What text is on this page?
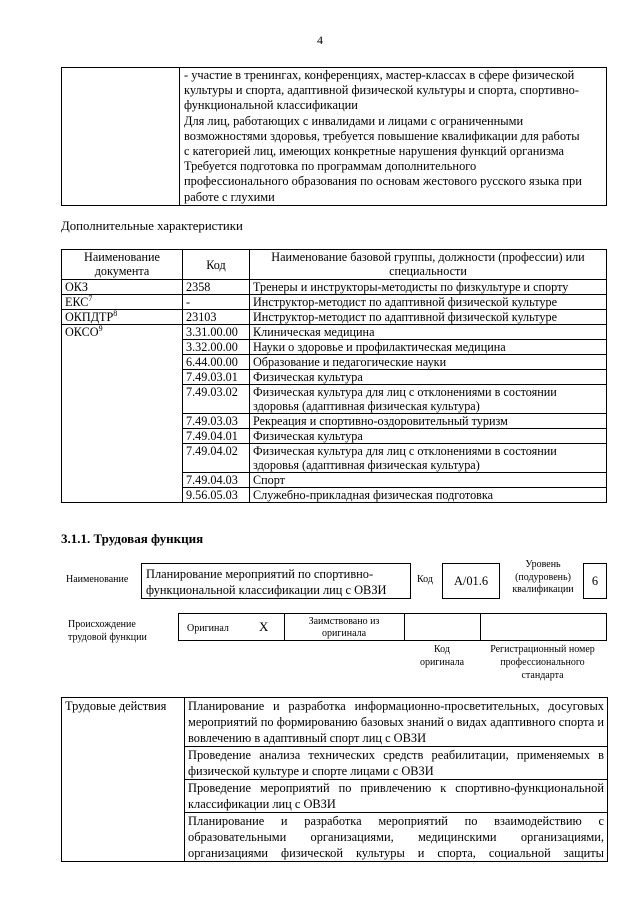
4

- участие в тренингах, конференциях, мастер-классах в сфере физической
культуры и спорта, адаптивной физической культуры и спорта, спортивно-
функциональной классификации
Для лиц, работающих с инвалидами и лицами с ограниченными
возможностями здоровья, требуется повышение квалификации для работы
с категорией лиц, имеющих конкретные нарушения функций организма
Требуется подготовка по программам дополнительного
профессионального образования по основам жестового русского языка при
работе с глухими
Дополнительные характеристики
Наименование документа	Код	Наименование базовой группы, должности (профессии) или специальности
ОКЗ	2358	Тренеры и инструкторы-методисты по физкультуре и спорту
ЕКС$^7$	-	Инструктор-методист по адаптивной физической культуре
ОКПДТР$^8$	23103	Инструктор-методист по адаптивной физической культуре
ОКСО$^9$	3.31.00.00	Клиническая медицина
	3.32.00.00	Науки о здоровье и профилактическая медицина
	6.44.00.00	Образование и педагогические науки
	7.49.03.01	Физическая культура
	7.49.03.02	Физическая культура для лиц с отклонениями в состоянии здоровья (адаптивная физическая культура)
	7.49.03.03	Рекреация и спортивно-оздоровительный туризм
	7.49.04.01	Физическая культура
	7.49.04.02	Физическая культура для лиц с отклонениями в состоянии здоровья (адаптивная физическая культура)
	7.49.04.03	Спорт
	9.56.05.03	Служебно-прикладная физическая подготовка
3.1.1. Трудовая функция
Наименование Планирование мероприятий по спортивно-
функциональной классификации лиц с ОВЗИ
Код	А/01.6
Уровень
(подуровень)
квалификации
6
Происхождение
трудовой функции
Оригинал X	Заимствовано из
оригинала
Код
оригинала
Регистрационный номер
профессионального
стандарта
Трудовые действия	Планирование и разработка информационно-просветительных, досуговых мероприятий по формированию базовых знаний о видах адаптивного спорта и вовлечению в адаптивный спорт лиц с ОВЗИ
Проведение анализа технических средств реабилитации, применяемых в физической культуре и спорте лицами с ОВЗИ
Проведение мероприятий по привлечению к спортивно-функциональной классификации лиц с ОВЗИ
Планирование и разработка мероприятий по взаимодействию с образовательными организациями, медицинскими организациями, организациями физической культуры и спорта, социальной защиты
